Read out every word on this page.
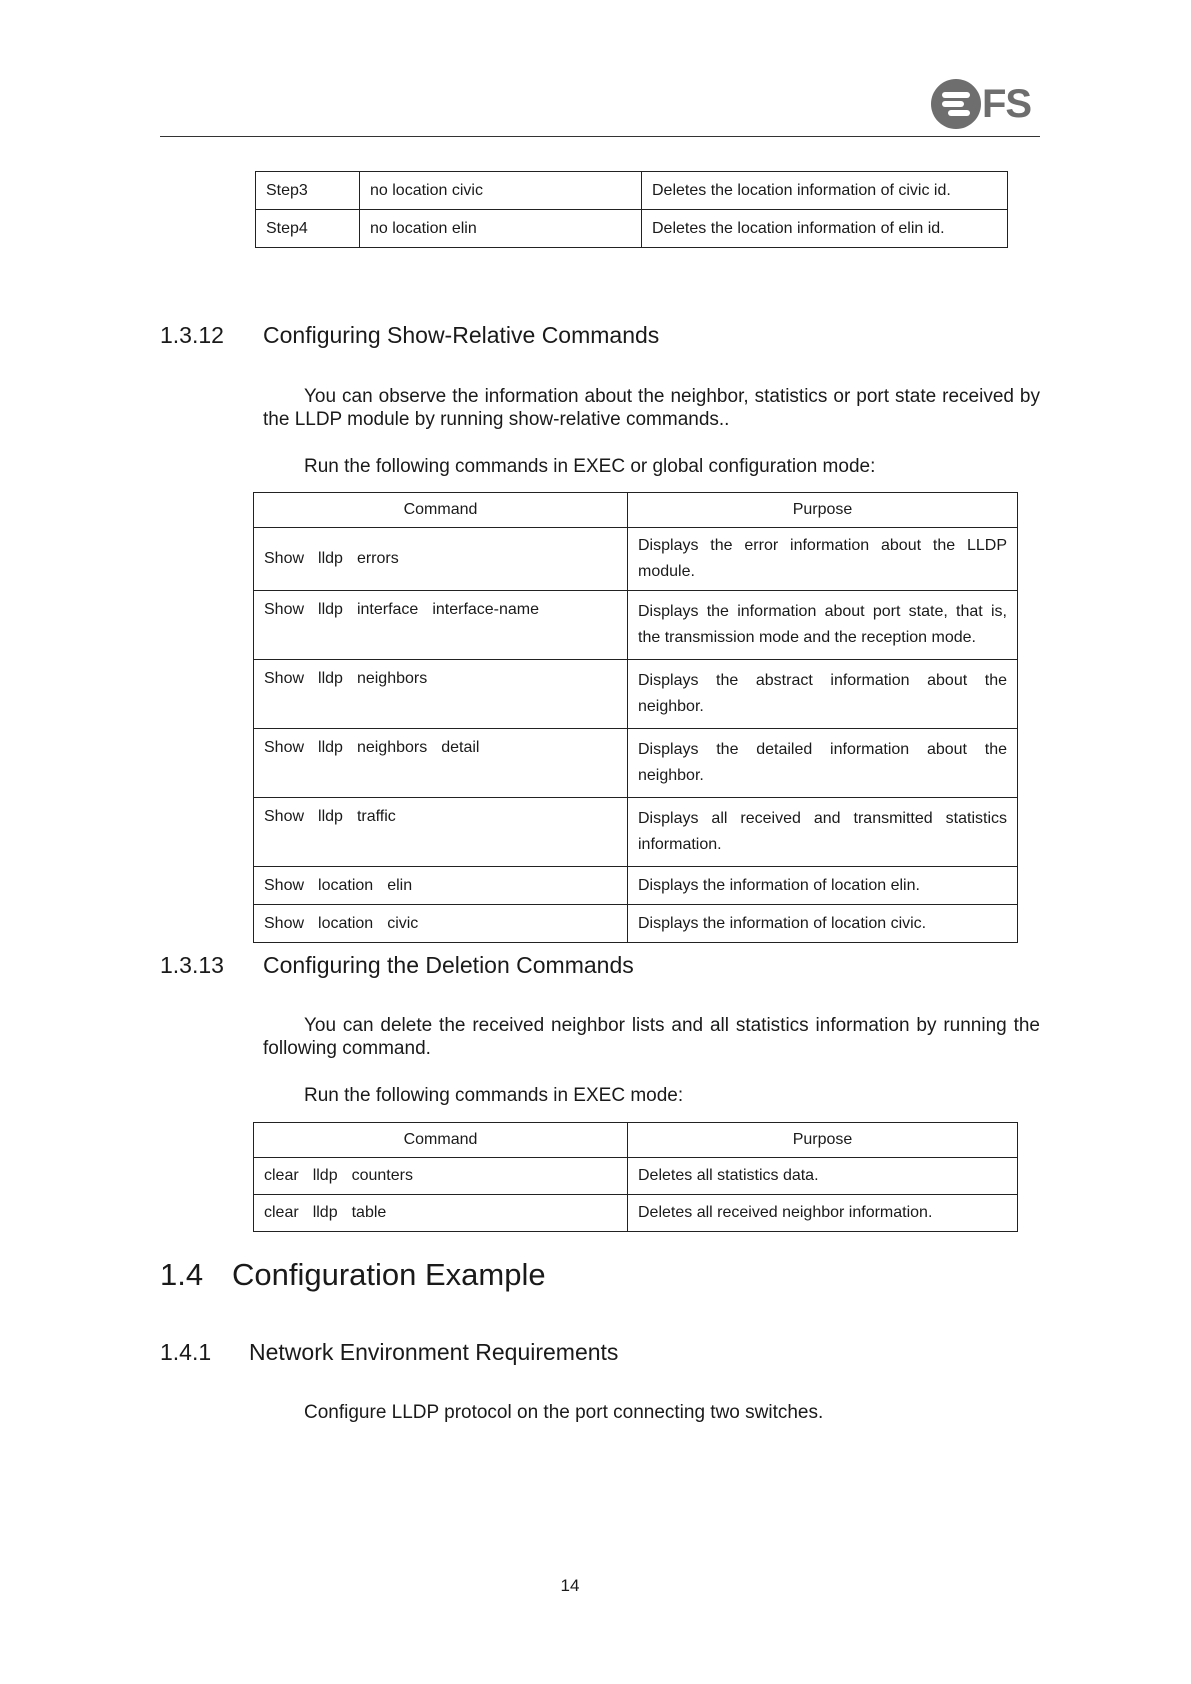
FS
Step3	no location civic	Deletes the location information of civic id.
Step4	no location elin	Deletes the location information of elin id.
1.3.12 Configuring Show-Relative Commands
You can observe the information about the neighbor, statistics or port state received by the LLDP module by running show-relative commands..
Run the following commands in EXEC or global configuration mode:
Command	Purpose
Show lldp errors	Displays the error information about the LLDP module.
Show lldp interface interface-name	Displays the information about port state, that is, the transmission mode and the reception mode.
Show lldp neighbors	Displays the abstract information about the neighbor.
Show lldp neighbors detail	Displays the detailed information about the neighbor.
Show lldp traffic	Displays all received and transmitted statistics information.
Show location elin	Displays the information of location elin.
Show location civic	Displays the information of location civic.
1.3.13 Configuring the Deletion Commands
You can delete the received neighbor lists and all statistics information by running the following command.
Run the following commands in EXEC mode:
Command	Purpose
clear lldp counters	Deletes all statistics data.
clear lldp table	Deletes all received neighbor information.
1.4 Configuration Example
1.4.1 Network Environment Requirements
Configure LLDP protocol on the port connecting two switches.
14
